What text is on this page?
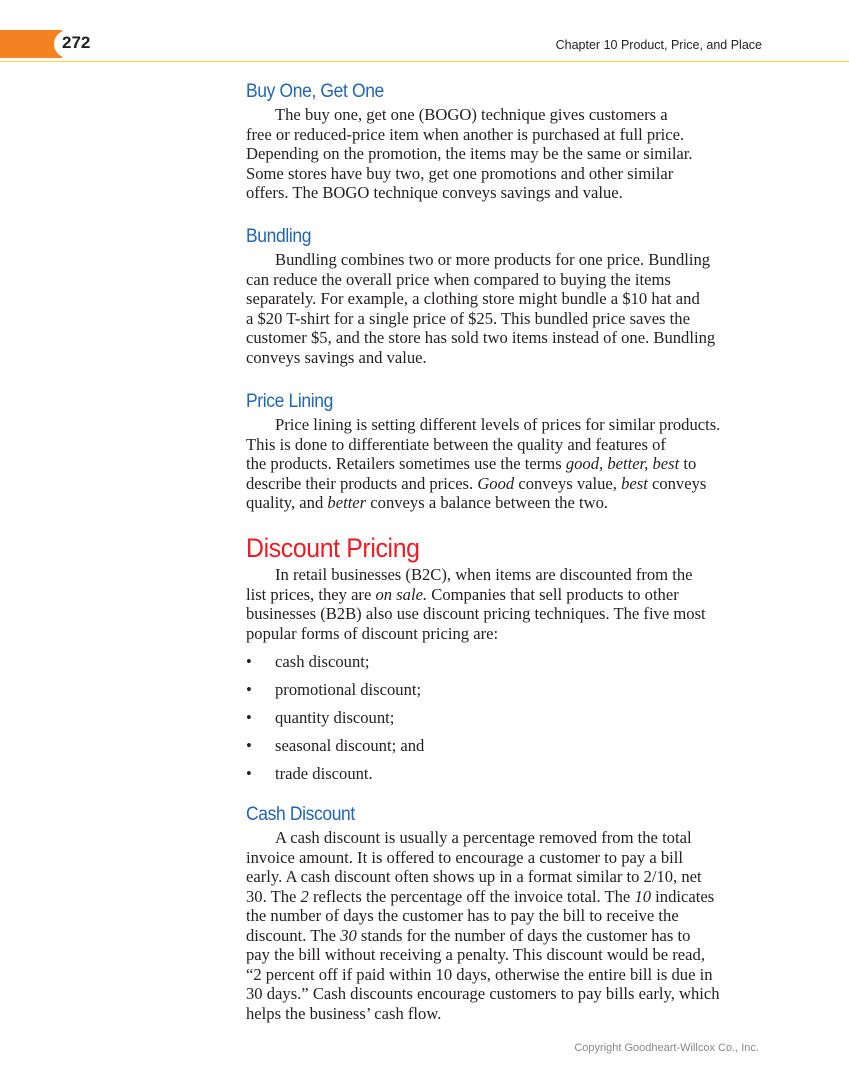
272	Chapter 10 Product, Price, and Place
Buy One, Get One
The buy one, get one (BOGO) technique gives customers a
free or reduced-price item when another is purchased at full price.
Depending on the promotion, the items may be the same or similar.
Some stores have buy two, get one promotions and other similar
offers. The BOGO technique conveys savings and value.
Bundling
Bundling combines two or more products for one price. Bundling
can reduce the overall price when compared to buying the items
separately. For example, a clothing store might bundle a $10 hat and
a $20 T-shirt for a single price of $25. This bundled price saves the
customer $5, and the store has sold two items instead of one. Bundling
conveys savings and value.
Price Lining
Price lining is setting different levels of prices for similar products.
This is done to differentiate between the quality and features of
the products. Retailers sometimes use the terms good, better, best to
describe their products and prices. Good conveys value, best conveys
quality, and better conveys a balance between the two.
Discount Pricing
In retail businesses (B2C), when items are discounted from the
list prices, they are on sale. Companies that sell products to other
businesses (B2B) also use discount pricing techniques. The five most
popular forms of discount pricing are:
• cash discount;
• promotional discount;
• quantity discount;
• seasonal discount; and
• trade discount.
Cash Discount
A cash discount is usually a percentage removed from the total
invoice amount. It is offered to encourage a customer to pay a bill
early. A cash discount often shows up in a format similar to 2/10, net
30. The 2 reflects the percentage off the invoice total. The 10 indicates
the number of days the customer has to pay the bill to receive the
discount. The 30 stands for the number of days the customer has to
pay the bill without receiving a penalty. This discount would be read,
“2 percent off if paid within 10 days, otherwise the entire bill is due in
30 days.” Cash discounts encourage customers to pay bills early, which
helps the business’ cash flow.
Copyright Goodheart-Willcox Co., Inc.
